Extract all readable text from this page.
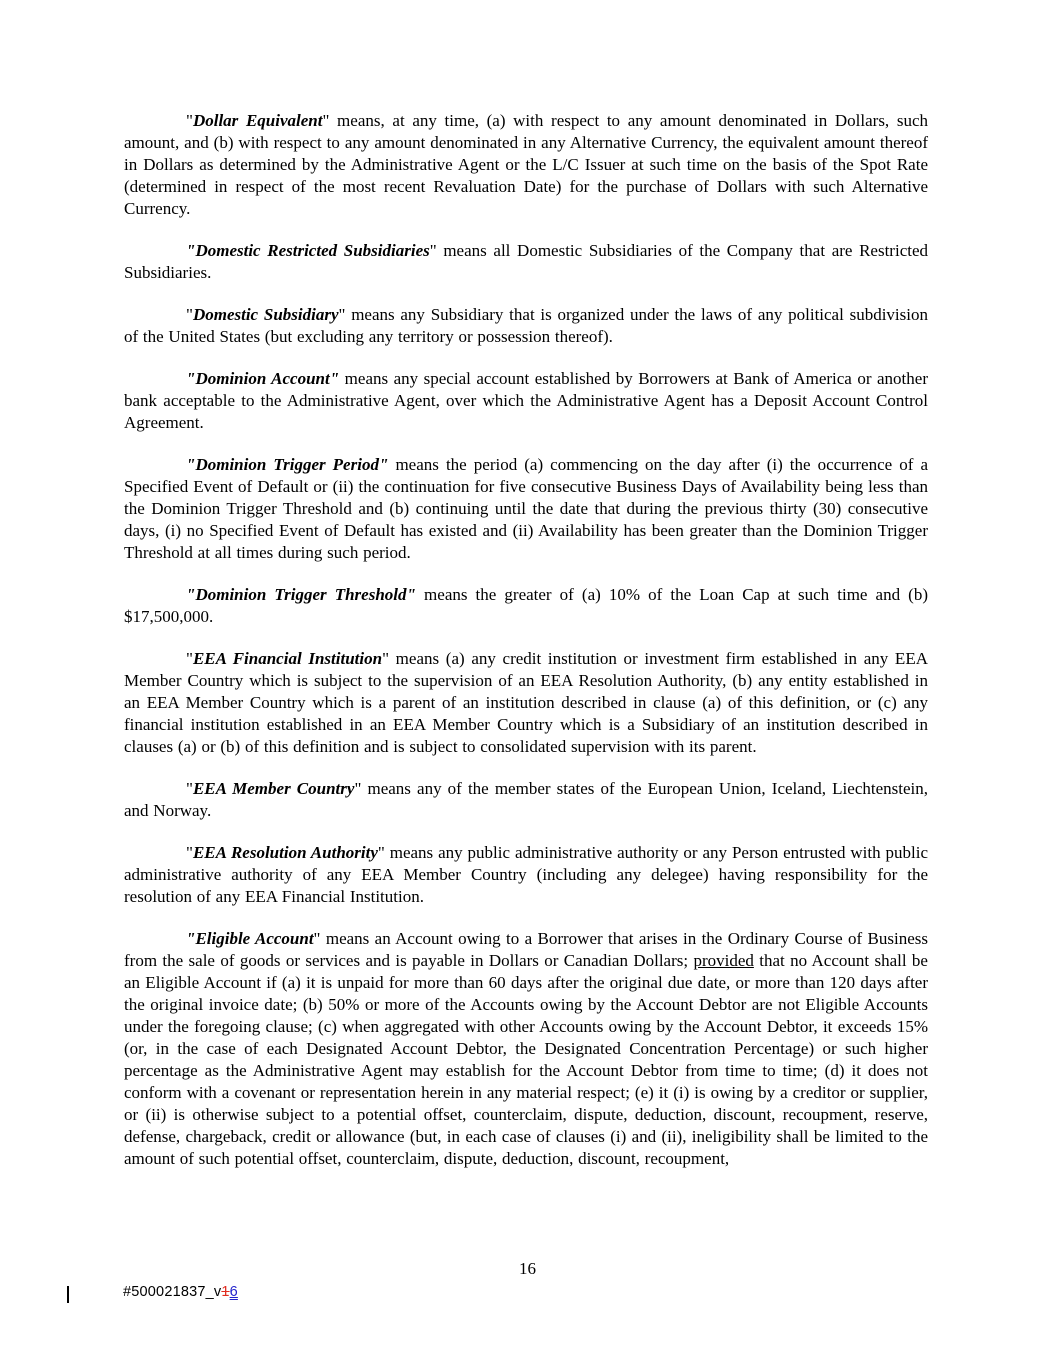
"Dollar Equivalent" means, at any time, (a) with respect to any amount denominated in Dollars, such amount, and (b) with respect to any amount denominated in any Alternative Currency, the equivalent amount thereof in Dollars as determined by the Administrative Agent or the L/C Issuer at such time on the basis of the Spot Rate (determined in respect of the most recent Revaluation Date) for the purchase of Dollars with such Alternative Currency.

"Domestic Restricted Subsidiaries" means all Domestic Subsidiaries of the Company that are Restricted Subsidiaries.

"Domestic Subsidiary" means any Subsidiary that is organized under the laws of any political subdivision of the United States (but excluding any territory or possession thereof).

"Dominion Account" means any special account established by Borrowers at Bank of America or another bank acceptable to the Administrative Agent, over which the Administrative Agent has a Deposit Account Control Agreement.

"Dominion Trigger Period" means the period (a) commencing on the day after (i) the occurrence of a Specified Event of Default or (ii) the continuation for five consecutive Business Days of Availability being less than the Dominion Trigger Threshold and (b) continuing until the date that during the previous thirty (30) consecutive days, (i) no Specified Event of Default has existed and (ii) Availability has been greater than the Dominion Trigger Threshold at all times during such period.

"Dominion Trigger Threshold" means the greater of (a) 10% of the Loan Cap at such time and (b) $17,500,000.

"EEA Financial Institution" means (a) any credit institution or investment firm established in any EEA Member Country which is subject to the supervision of an EEA Resolution Authority, (b) any entity established in an EEA Member Country which is a parent of an institution described in clause (a) of this definition, or (c) any financial institution established in an EEA Member Country which is a Subsidiary of an institution described in clauses (a) or (b) of this definition and is subject to consolidated supervision with its parent.

"EEA Member Country" means any of the member states of the European Union, Iceland, Liechtenstein, and Norway.

"EEA Resolution Authority" means any public administrative authority or any Person entrusted with public administrative authority of any EEA Member Country (including any delegee) having responsibility for the resolution of any EEA Financial Institution.

"Eligible Account" means an Account owing to a Borrower that arises in the Ordinary Course of Business from the sale of goods or services and is payable in Dollars or Canadian Dollars; provided that no Account shall be an Eligible Account if (a) it is unpaid for more than 60 days after the original due date, or more than 120 days after the original invoice date; (b) 50% or more of the Accounts owing by the Account Debtor are not Eligible Accounts under the foregoing clause; (c) when aggregated with other Accounts owing by the Account Debtor, it exceeds 15% (or, in the case of each Designated Account Debtor, the Designated Concentration Percentage) or such higher percentage as the Administrative Agent may establish for the Account Debtor from time to time; (d) it does not conform with a covenant or representation herein in any material respect; (e) it (i) is owing by a creditor or supplier, or (ii) is otherwise subject to a potential offset, counterclaim, dispute, deduction, discount, recoupment, reserve, defense, chargeback, credit or allowance (but, in each case of clauses (i) and (ii), ineligibility shall be limited to the amount of such potential offset, counterclaim, dispute, deduction, discount, recoupment,

16
#500021837_v16
